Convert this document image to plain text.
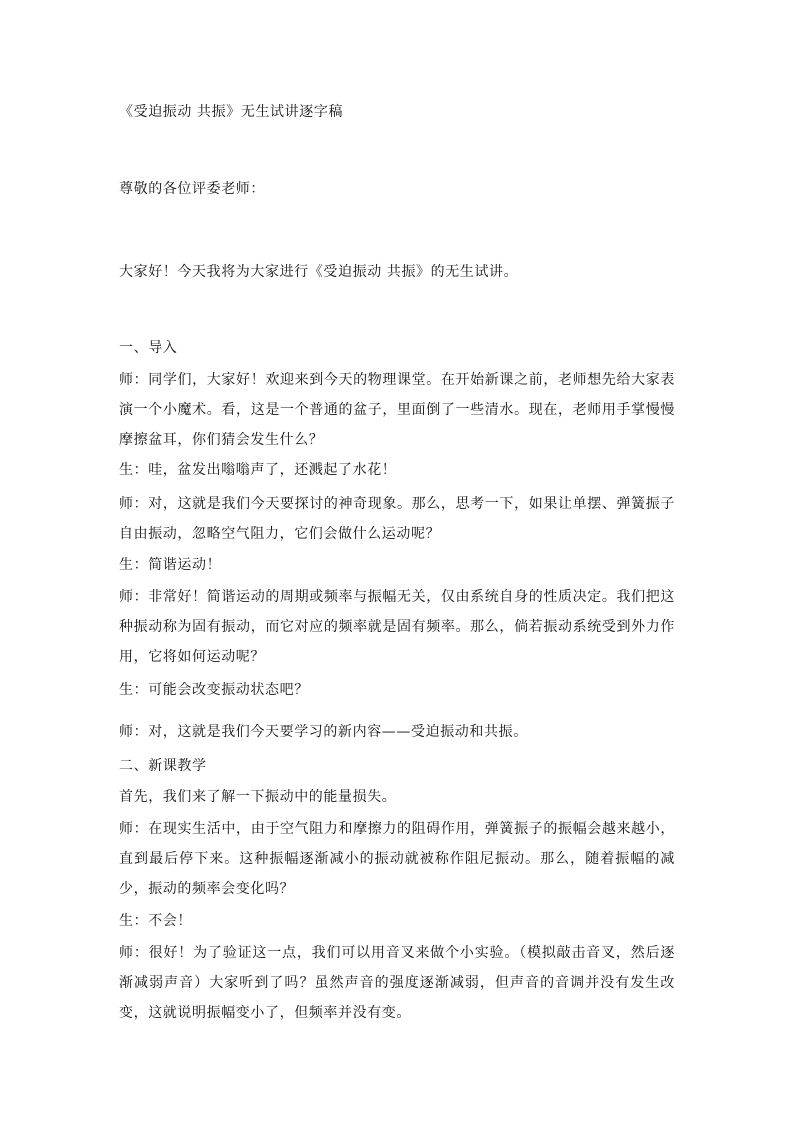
《受迫振动 共振》无生试讲逐字稿
尊敬的各位评委老师：
大家好！今天我将为大家进行《受迫振动 共振》的无生试讲。
一、导入
师：同学们，大家好！欢迎来到今天的物理课堂。在开始新课之前，老师想先给大家表演一个小魔术。看，这是一个普通的盆子，里面倒了一些清水。现在，老师用手掌慢慢摩擦盆耳，你们猜会发生什么？
生：哇，盆发出嗡嗡声了，还溅起了水花！
师：对，这就是我们今天要探讨的神奇现象。那么，思考一下，如果让单摆、弹簧振子自由振动，忽略空气阻力，它们会做什么运动呢？
生：简谐运动！
师：非常好！简谐运动的周期或频率与振幅无关，仅由系统自身的性质决定。我们把这种振动称为固有振动，而它对应的频率就是固有频率。那么，倘若振动系统受到外力作用，它将如何运动呢？
生：可能会改变振动状态吧？
师：对，这就是我们今天要学习的新内容——受迫振动和共振。
二、新课教学
首先，我们来了解一下振动中的能量损失。
师：在现实生活中，由于空气阻力和摩擦力的阻碍作用，弹簧振子的振幅会越来越小，直到最后停下来。这种振幅逐渐减小的振动就被称作阻尼振动。那么，随着振幅的减少，振动的频率会变化吗？
生：不会！
师：很好！为了验证这一点，我们可以用音叉来做个小实验。（模拟敲击音叉，然后逐渐减弱声音）大家听到了吗？虽然声音的强度逐渐减弱，但声音的音调并没有发生改变，这就说明振幅变小了，但频率并没有变。
